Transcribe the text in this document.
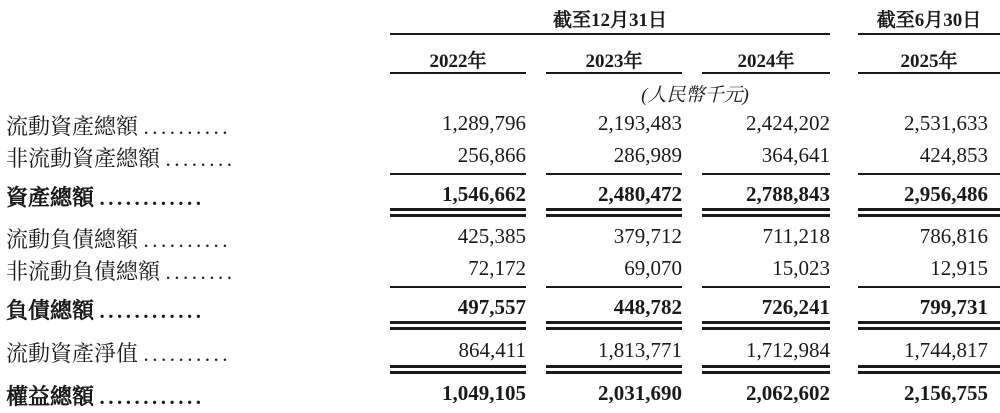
截至12月31日	截至6月30日
2022年	2023年	2024年	2025年
(人民幣千元)
流動資產總額 ..........	1,289,796	2,193,483	2,424,202	2,531,633
非流動資產總額 ........	256,866	286,989	364,641	424,853
資產總額 ............	1,546,662	2,480,472	2,788,843	2,956,486
流動負債總額 ..........	425,385	379,712	711,218	786,816
非流動負債總額 ........	72,172	69,070	15,023	12,915
負債總額 ............	497,557	448,782	726,241	799,731
流動資產淨值 ..........	864,411	1,813,771	1,712,984	1,744,817
權益總額 ............	1,049,105	2,031,690	2,062,602	2,156,755
